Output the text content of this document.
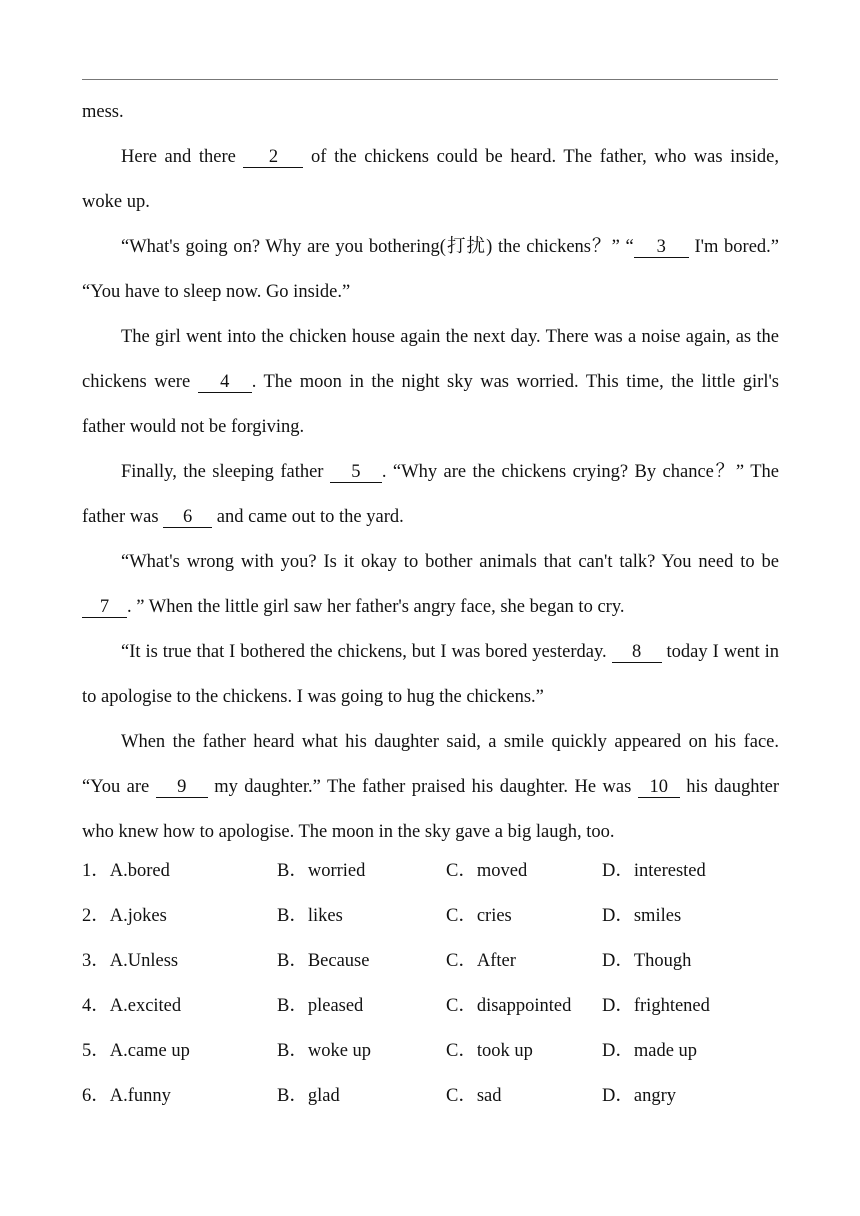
mess.

Here and there 2 of the chickens could be heard. The father, who was inside, woke up.

“What's going on? Why are you bothering(打扰) the chickens？” “ 3 I'm bored.” “You have to sleep now. Go inside.”

The girl went into the chicken house again the next day. There was a noise again, as the chickens were 4 . The moon in the night sky was worried. This time, the little girl's father would not be forgiving.

Finally, the sleeping father 5 . “Why are the chickens crying? By chance？” The father was 6 and came out to the yard.

“What's wrong with you? Is it okay to bother animals that can't talk? You need to be 7 . ” When the little girl saw her father's angry face, she began to cry.

“It is true that I bothered the chickens, but I was bored yesterday. 8 today I went in to apologise to the chickens. I was going to hug the chickens.”

When the father heard what his daughter said, a smile quickly appeared on his face. “You are 9 my daughter.” The father praised his daughter. He was 10 his daughter who knew how to apologise. The moon in the sky gave a big laugh, too.

1．A.bored	B．worried	C．moved	D．interested
2．A.jokes	B．likes	C．cries	D．smiles
3．A.Unless	B．Because	C．After	D．Though
4．A.excited	B．pleased	C．disappointed D．frightened
5．A.came up	B．woke up	C．took up	D．made up
6．A.funny	B．glad	C．sad	D．angry
